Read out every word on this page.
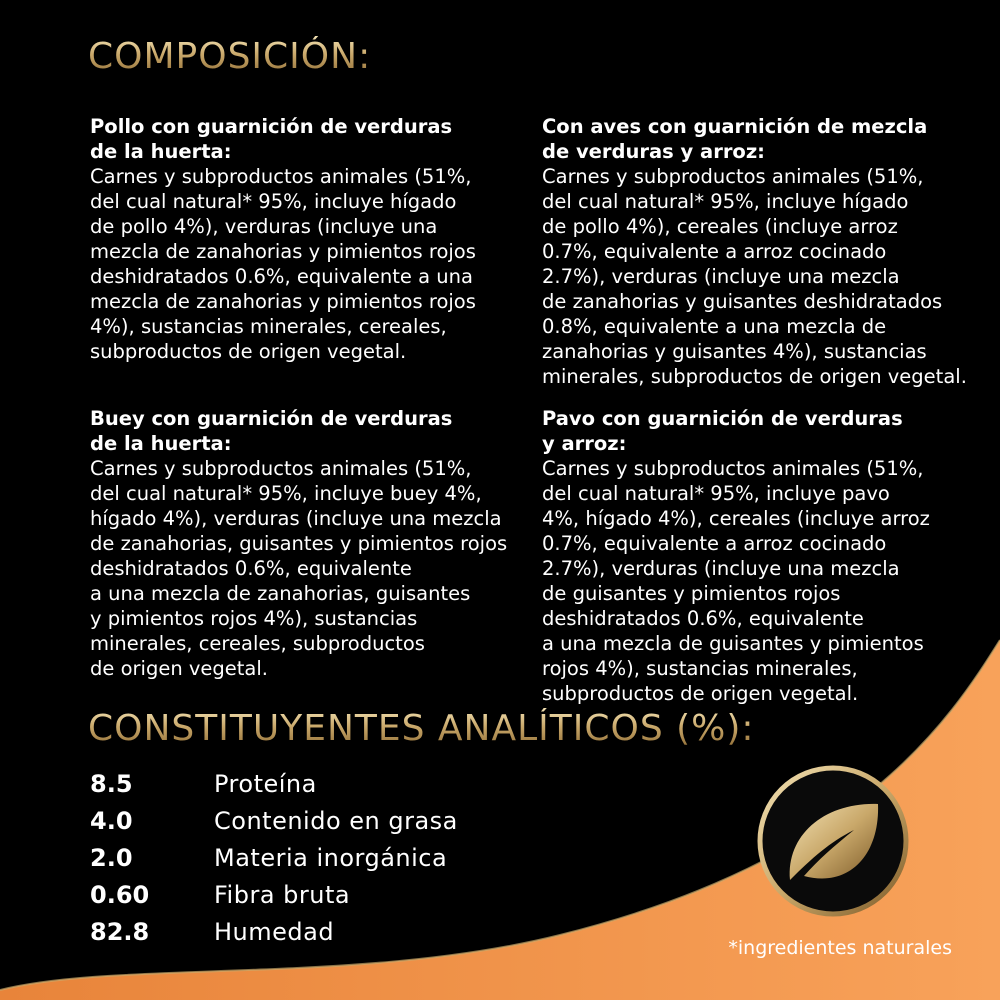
COMPOSICIÓN:

Pollo con guarnición de verduras
de la huerta:
Carnes y subproductos animales (51%,
del cual natural* 95%, incluye hígado
de pollo 4%), verduras (incluye una
mezcla de zanahorias y pimientos rojos
deshidratados 0.6%, equivalente a una
mezcla de zanahorias y pimientos rojos
4%), sustancias minerales, cereales,
subproductos de origen vegetal.

Con aves con guarnición de mezcla
de verduras y arroz:
Carnes y subproductos animales (51%,
del cual natural* 95%, incluye hígado
de pollo 4%), cereales (incluye arroz
0.7%, equivalente a arroz cocinado
2.7%), verduras (incluye una mezcla
de zanahorias y guisantes deshidratados
0.8%, equivalente a una mezcla de
zanahorias y guisantes 4%), sustancias
minerales, subproductos de origen vegetal.

Buey con guarnición de verduras
de la huerta:
Carnes y subproductos animales (51%,
del cual natural* 95%, incluye buey 4%,
hígado 4%), verduras (incluye una mezcla
de zanahorias, guisantes y pimientos rojos
deshidratados 0.6%, equivalente
a una mezcla de zanahorias, guisantes
y pimientos rojos 4%), sustancias
minerales, cereales, subproductos
de origen vegetal.

Pavo con guarnición de verduras
y arroz:
Carnes y subproductos animales (51%,
del cual natural* 95%, incluye pavo
4%, hígado 4%), cereales (incluye arroz
0.7%, equivalente a arroz cocinado
2.7%), verduras (incluye una mezcla
de guisantes y pimientos rojos
deshidratados 0.6%, equivalente
a una mezcla de guisantes y pimientos
rojos 4%), sustancias minerales,
subproductos de origen vegetal.

CONSTITUYENTES ANALÍTICOS (%):
8.5	Proteína
4.0	Contenido en grasa
2.0	Materia inorgánica
0.60	Fibra bruta
82.8	Humedad
*ingredientes naturales
